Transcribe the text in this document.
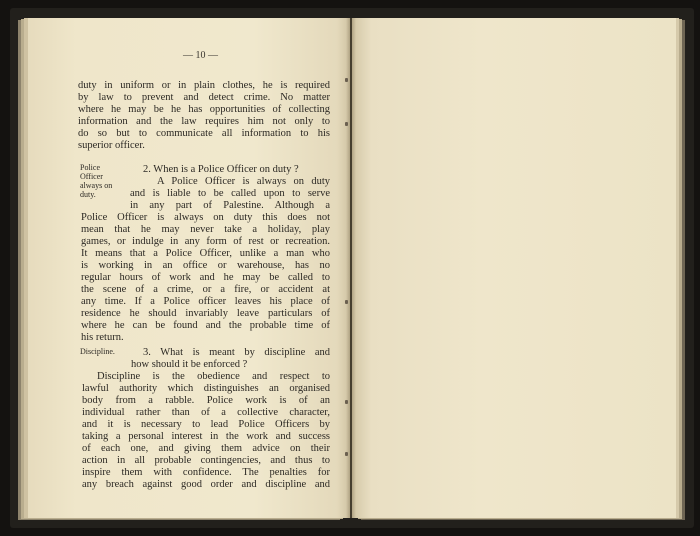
— 10 —
duty in uniform or in plain clothes, he is required
by law to prevent and detect crime. No matter
where he may be he has opportunities of collecting
information and the law requires him not only to
do so but to communicate all information to his
superior officer.
Police
Officer
always on
duty.
2. When is a Police Officer on duty ?
A Police Officer is always on duty
and is liable to be called upon to serve
in any part of Palestine. Although a
Police Officer is always on duty this does not
mean that he may never take a holiday, play
games, or indulge in any form of rest or recreation.
It means that a Police Officer, unlike a man who
is working in an office or warehouse, has no
regular hours of work and he may be called to
the scene of a crime, or a fire, or accident at
any time. If a Police officer leaves his place of
residence he should invariably leave particulars of
where he can be found and the probable time of
his return.
Discipline.	3. What is meant by discipline and
how should it be enforced ?
Discipline is the obedience and respect to
lawful authority which distinguishes an organised
body from a rabble. Police work is of an
individual rather than of a collective character,
and it is necessary to lead Police Officers by
taking a personal interest in the work and success
of each one, and giving them advice on their
action in all probable contingencies, and thus to
inspire them with confidence. The penalties for
any breach against good order and discipline and
